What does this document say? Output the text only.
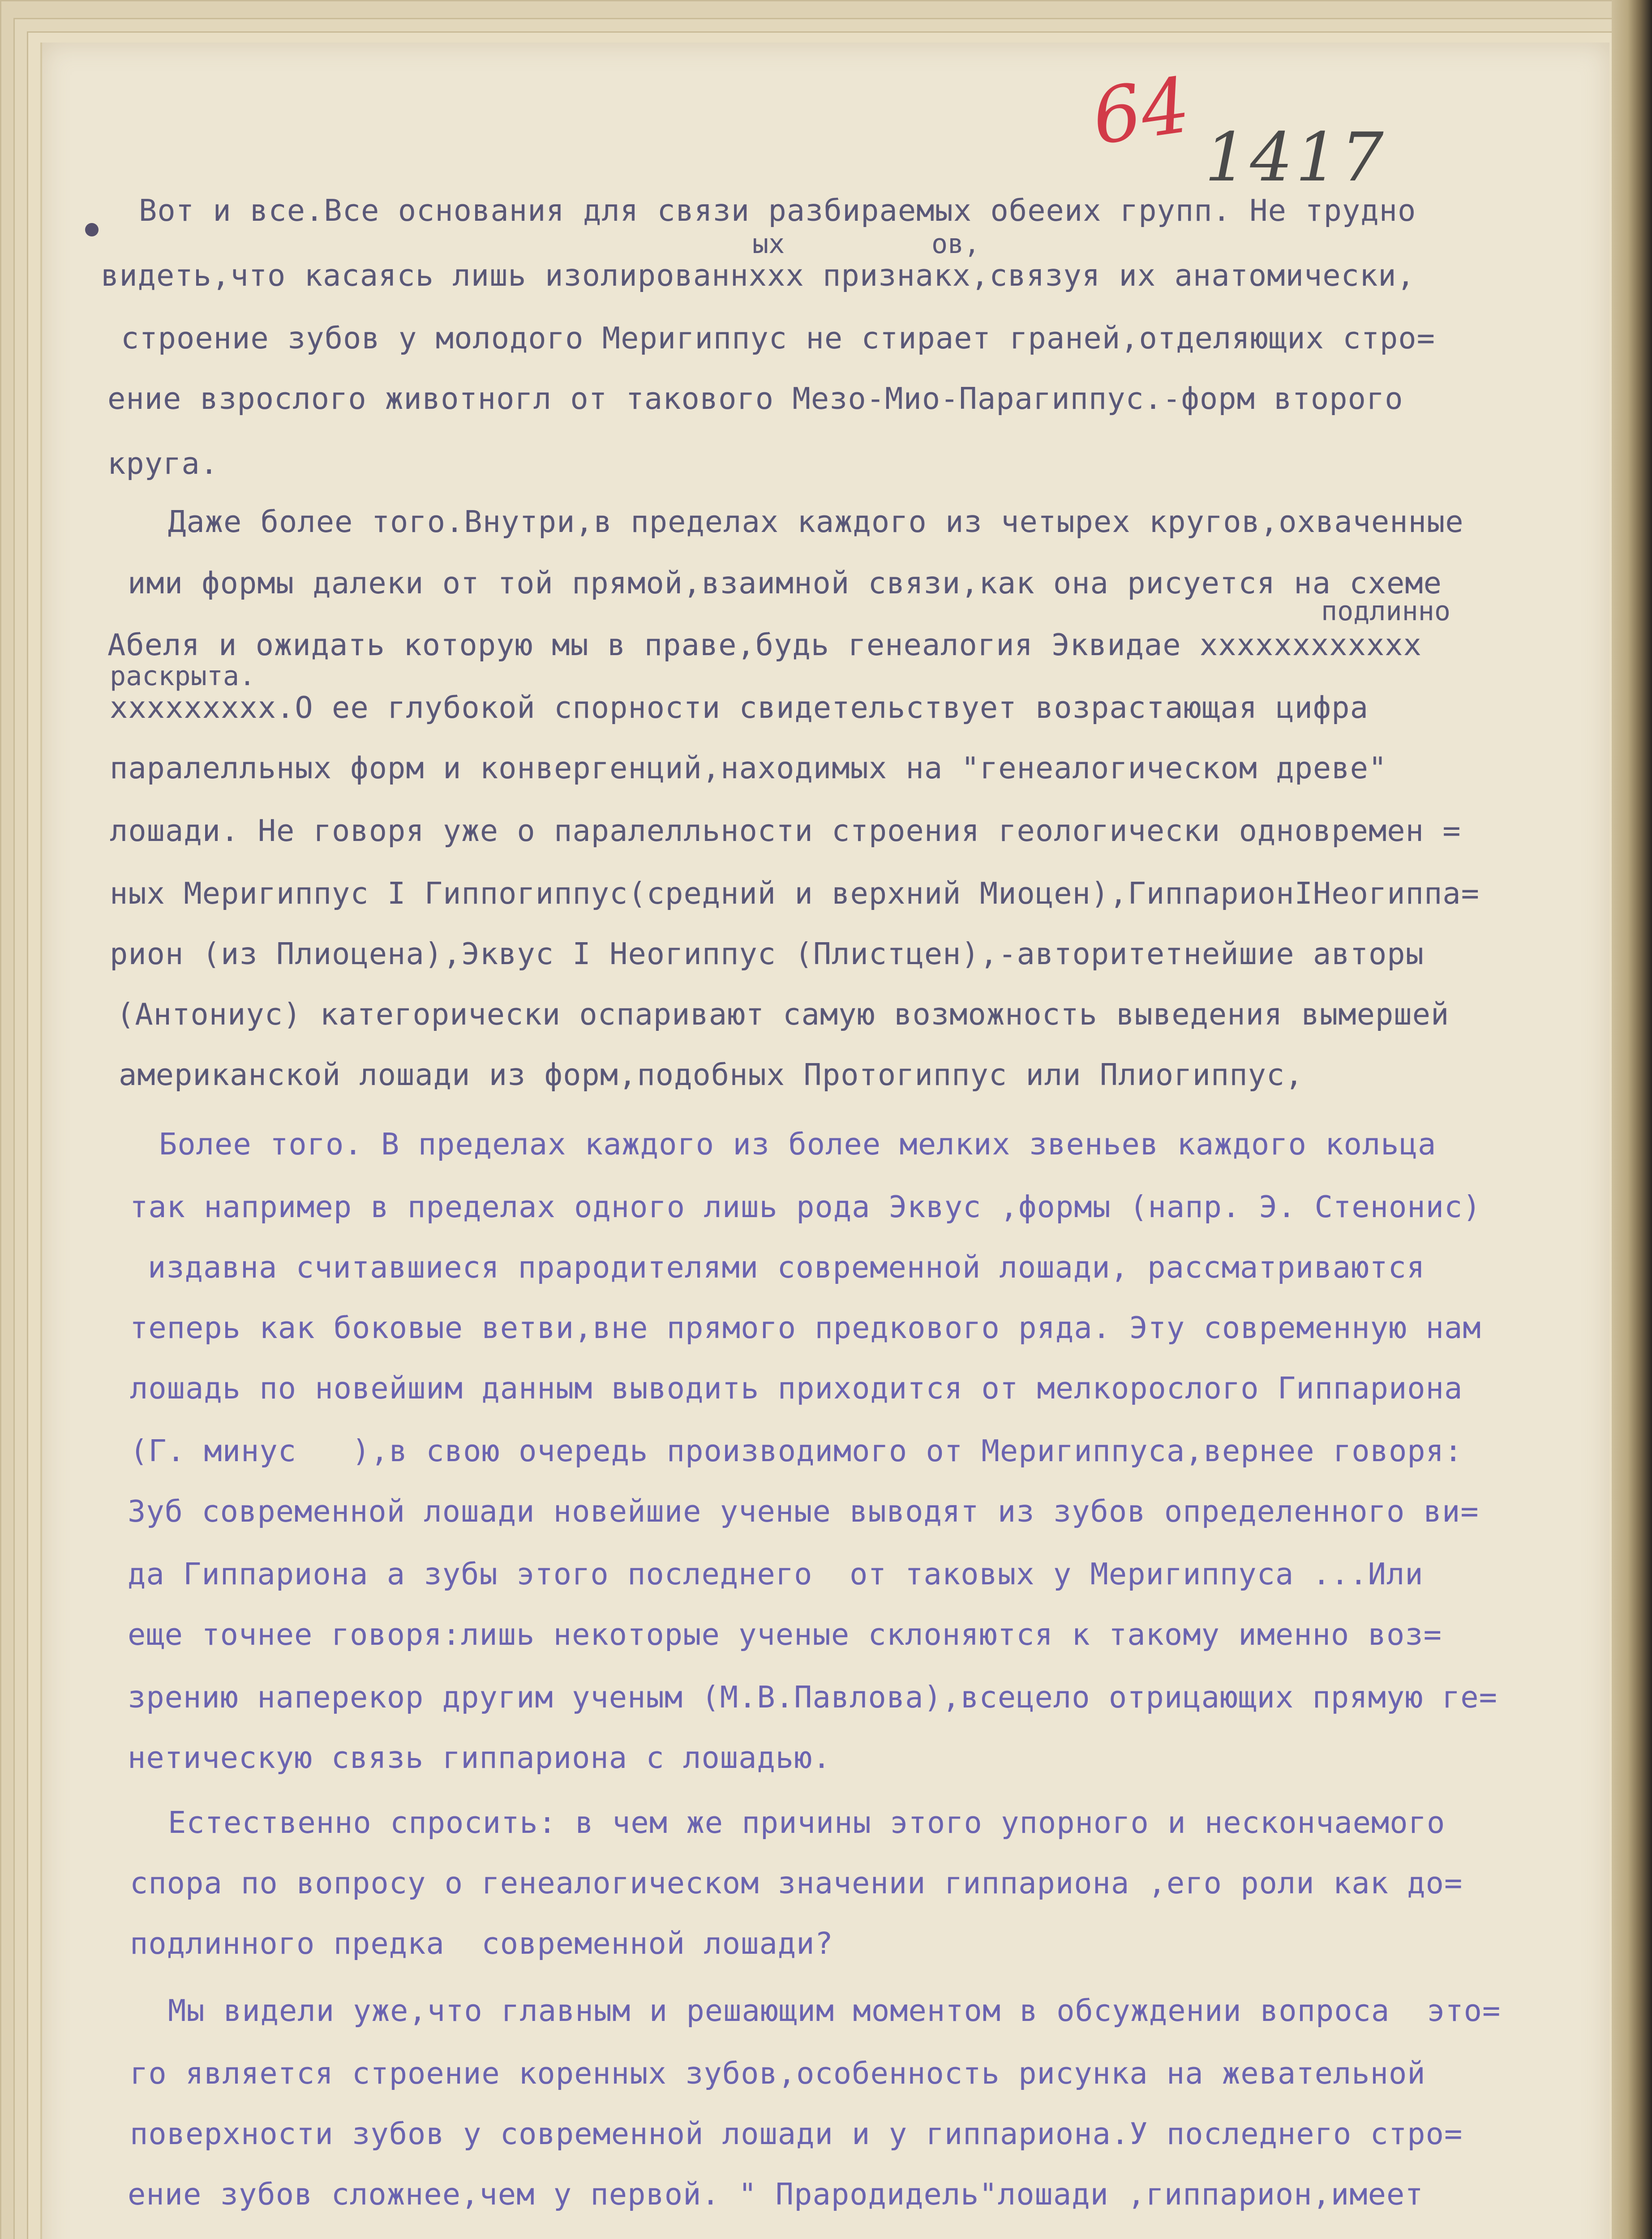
64 1417
ых	ов,
подлинно
раскрыта.
Вот и все.Все основания для связи разбираемых обееих групп. Не трудно
видеть,что касаясь лишь изолированнххх признакх,связуя их анатомически,
строение зубов у молодого Меригиппус не стирает граней,отделяющих стро=
ение взрослого животногл от такового Мезо-Мио-Парагиппус.-форм второго
круга.
Даже более того.Внутри,в пределах каждого из четырех кругов,охваченные
ими формы далеки от той прямой,взаимной связи,как она рисуется на схеме
Абеля и ожидать которую мы в праве,будь генеалогия Эквидае хххххххххххх
ххххххххх.О ее глубокой спорности свидетельствует возрастающая цифра
паралелльных форм и конвергенций,находимых на "генеалогическом древе"
лошади. Не говоря уже о паралелльности строения геологически одновремен =
ных Меригиппус I Гиппогиппус(средний и верхний Миоцен),ГиппарионIНеогиппа=
рион (из Плиоцена),Эквус I Неогиппус (Плистцен),-авторитетнейшие авторы
(Антониус) категорически оспаривают самую возможность выведения вымершей
американской лошади из форм,подобных Протогиппус или Плиогиппус,
Более того. В пределах каждого из более мелких звеньев каждого кольца
так например в пределах одного лишь рода Эквус ,формы (напр. Э. Стенонис)
издавна считавшиеся прародителями современной лошади, рассматриваются
теперь как боковые ветви,вне прямого предкового ряда. Эту современную нам
лошадь по новейшим данным выводить приходится от мелкорослого Гиппариона
(Г. минус   ),в свою очередь производимого от Меригиппуса,вернее говоря:
Зуб современной лошади новейшие ученые выводят из зубов определенного ви=
да Гиппариона а зубы этого последнего  от таковых у Меригиппуса ...Или
еще точнее говоря:лишь некоторые ученые склоняются к такому именно воз=
зрению наперекор другим ученым (М.В.Павлова),всецело отрицающих прямую ге=
нетическую связь гиппариона с лошадью.
Естественно спросить: в чем же причины этого упорного и нескончаемого
спора по вопросу о генеалогическом значении гиппариона ,его роли как до=
подлинного предка  современной лошади?
Мы видели уже,что главным и решающим моментом в обсуждении вопроса  это=
го является строение коренных зубов,особенность рисунка на жевательной
поверхности зубов у современной лошади и у гиппариона.У последнего стро=
ение зубов сложнее,чем у первой. " Прародидель"лошади ,гиппарион,имеет
